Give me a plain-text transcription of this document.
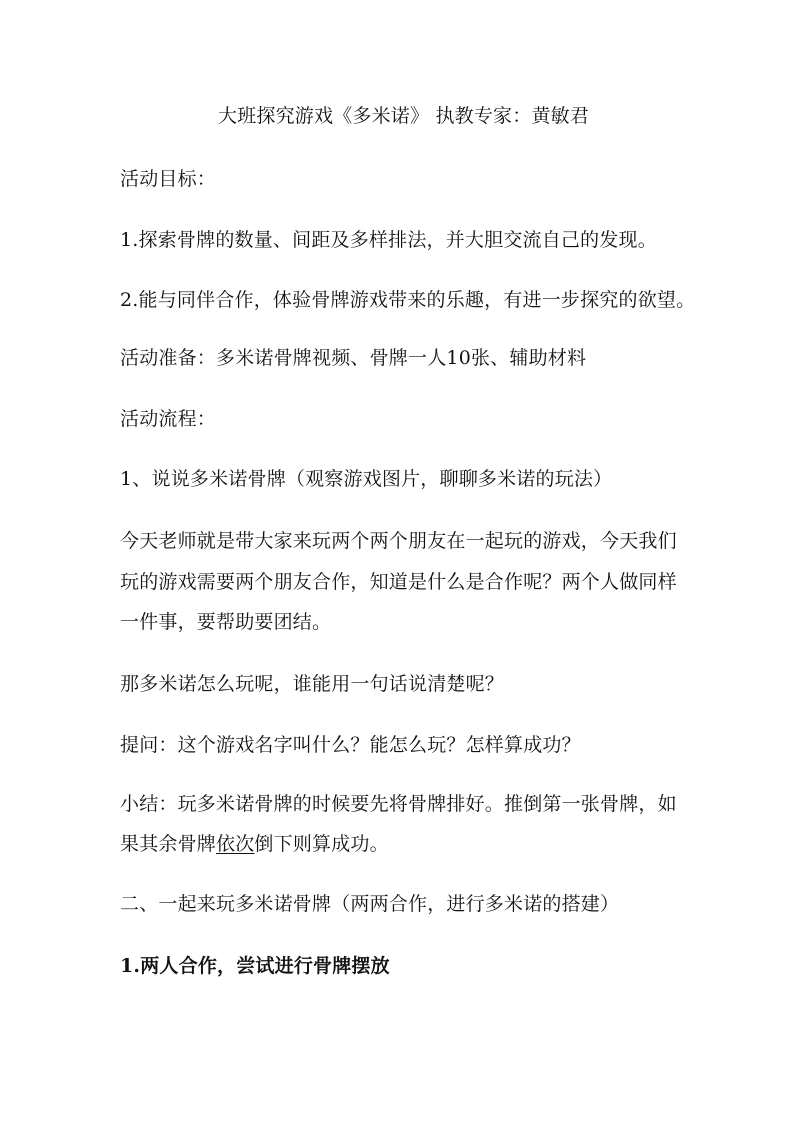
大班探究游戏《多米诺》 执教专家：黄敏君
活动目标：
1.探索骨牌的数量、间距及多样排法，并大胆交流自己的发现。
2.能与同伴合作，体验骨牌游戏带来的乐趣，有进一步探究的欲望。
活动准备：多米诺骨牌视频、骨牌一人10张、辅助材料
活动流程：
1、说说多米诺骨牌（观察游戏图片，聊聊多米诺的玩法）
今天老师就是带大家来玩两个两个朋友在一起玩的游戏，今天我们
玩的游戏需要两个朋友合作，知道是什么是合作呢？两个人做同样
一件事，要帮助要团结。
那多米诺怎么玩呢，谁能用一句话说清楚呢？
提问：这个游戏名字叫什么？能怎么玩？怎样算成功？
小结：玩多米诺骨牌的时候要先将骨牌排好。推倒第一张骨牌，如
果其余骨牌依次倒下则算成功。
二、一起来玩多米诺骨牌（两两合作，进行多米诺的搭建）
1.两人合作，尝试进行骨牌摆放
